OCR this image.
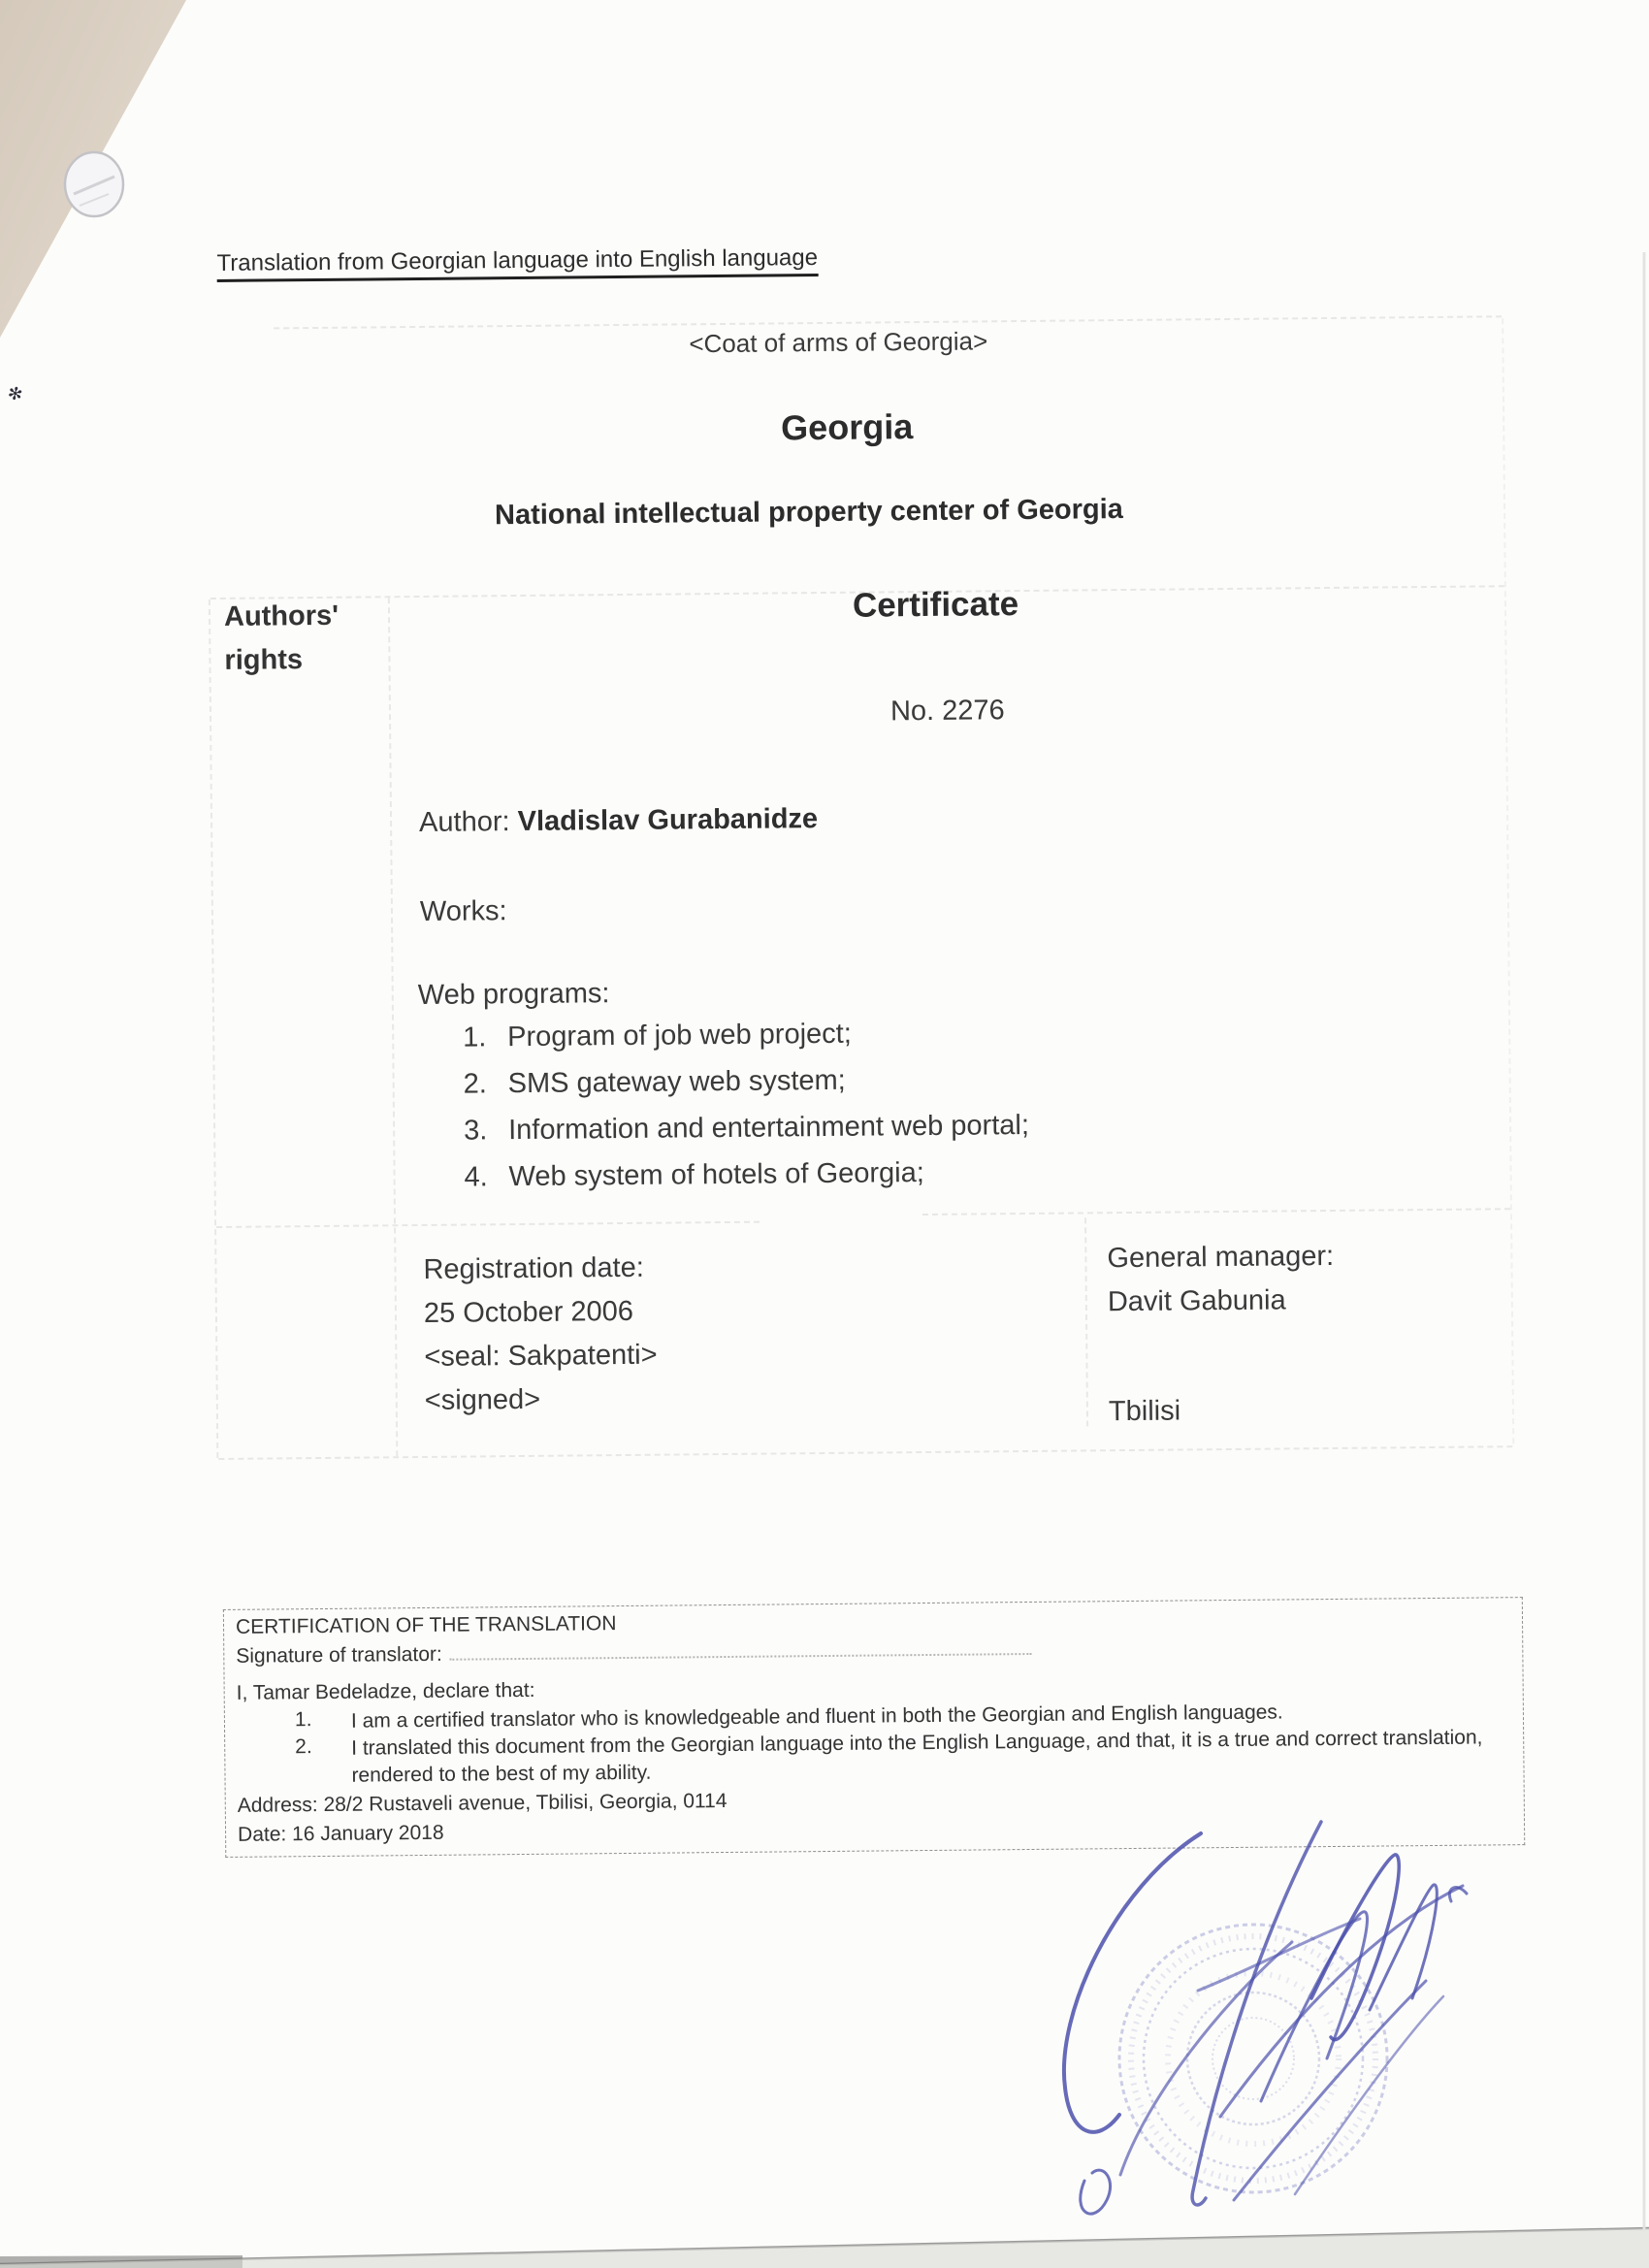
✻
Translation from Georgian language into English language
<Coat of arms of Georgia>
Georgia
National intellectual property center of Georgia
Authors'
rights
Certificate
No. 2276
Author: Vladislav Gurabanidze
Works:
Web programs:
1. Program of job web project;
2. SMS gateway web system;
3. Information and entertainment web portal;
4. Web system of hotels of Georgia;
Registration date:
25 October 2006
<seal: Sakpatenti>
<signed>
General manager:
Davit Gabunia
Tbilisi
CERTIFICATION OF THE TRANSLATION
Signature of translator:
I, Tamar Bedeladze, declare that:
1. I am a certified translator who is knowledgeable and fluent in both the Georgian and English languages.
2. I translated this document from the Georgian language into the English Language, and that, it is a true and correct translation, rendered to the best of my ability.
Address: 28/2 Rustaveli avenue, Tbilisi, Georgia, 0114
Date: 16 January 2018
